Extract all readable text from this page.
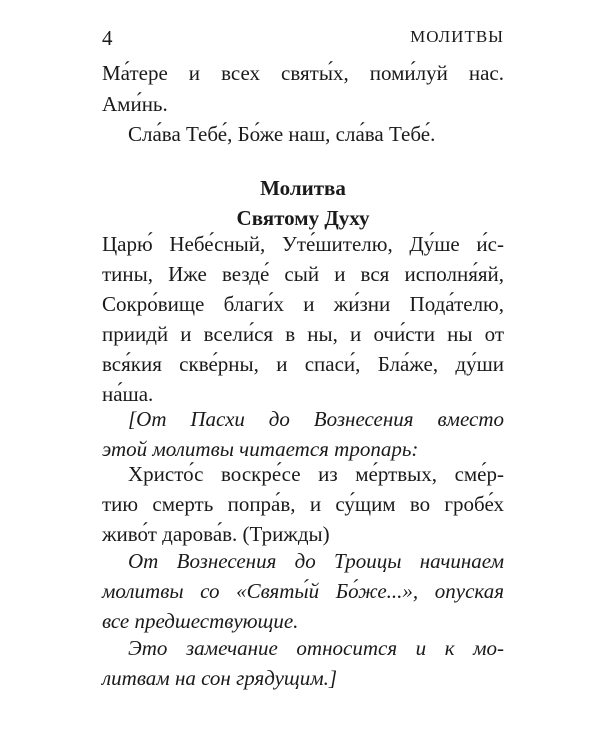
4	МОЛИТВЫ
Ма́тере и всех святы́х, поми́луй нас.
Ами́нь.
Сла́ва Тебе́, Бо́же наш, сла́ва Тебе́.
Молитва
Святому Духу
Царю́ Небе́сный, Уте́шителю, Ду́ше и́с-
тины, Иже везде́ сый и вся исполня́яй,
Сокро́вище благи́х и жи́зни Пода́телю,
приидй и всели́ся в ны, и очи́сти ны от
вся́кия скве́рны, и спаси́, Бла́же, ду́ши
на́ша.
[От Пасхи до Вознесения вместо
этой молитвы читается тропарь:
Христо́с воскре́се из ме́ртвых, сме́р-
тию смерть попра́в, и су́щим во гробе́х
живо́т дарова́в. (Трижды)
От Вознесения до Троицы начинаем
молитвы со «Святы́й Бо́же...», опуская
все предшествующие.
Это замечание относится и к мо-
литвам на сон грядущим.]
